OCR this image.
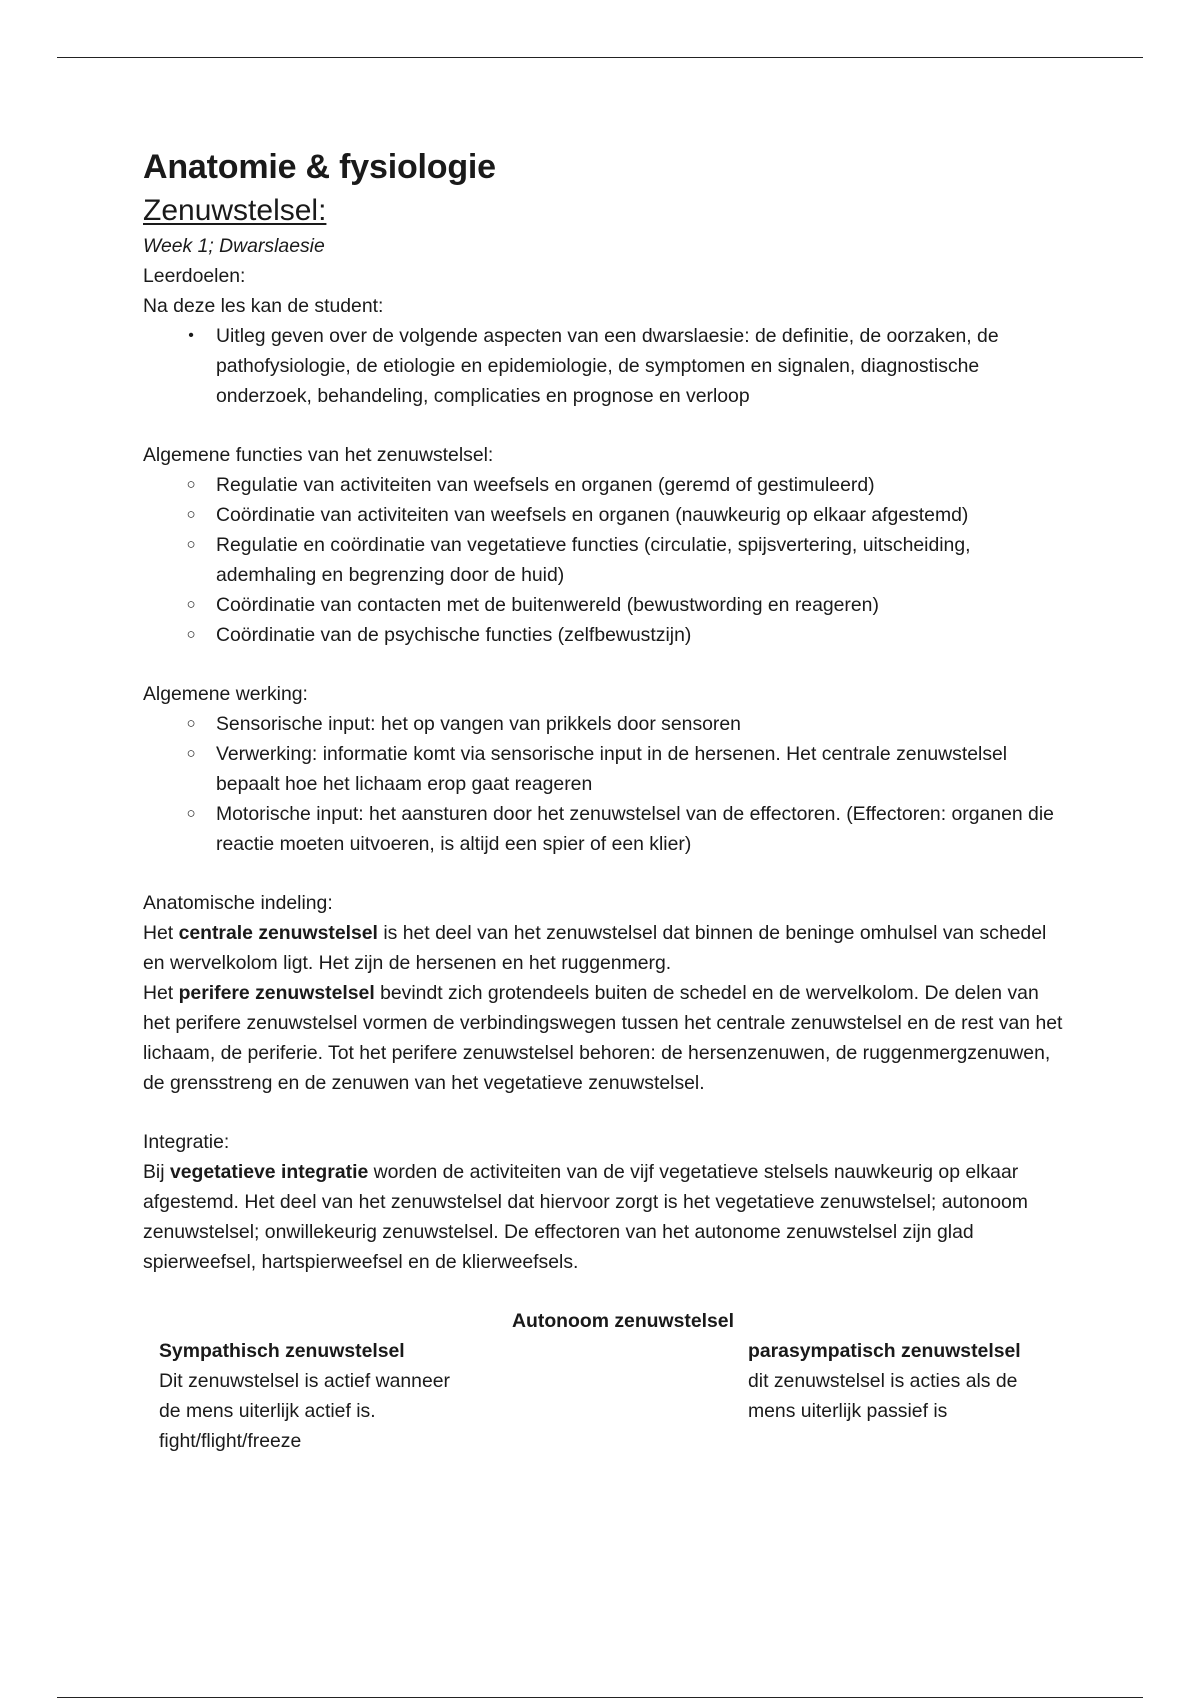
Anatomie & fysiologie

Zenuwstelsel:

Week 1; Dwarslaesie

Leerdoelen:

Na deze les kan de student:

•	Uitleg geven over de volgende aspecten van een dwarslaesie: de definitie, de oorzaken, de pathofysiologie, de etiologie en epidemiologie, de symptomen en signalen, diagnostische onderzoek, behandeling, complicaties en prognose en verloop

Algemene functies van het zenuwstelsel:

○ Regulatie van activiteiten van weefsels en organen (geremd of gestimuleerd)
○ Coördinatie van activiteiten van weefsels en organen (nauwkeurig op elkaar afgestemd)
○ Regulatie en coördinatie van vegetatieve functies (circulatie, spijsvertering, uitscheiding, ademhaling en begrenzing door de huid)
○ Coördinatie van contacten met de buitenwereld (bewustwording en reageren)
○ Coördinatie van de psychische functies (zelfbewustzijn)

Algemene werking:

○ Sensorische input: het op vangen van prikkels door sensoren
○ Verwerking: informatie komt via sensorische input in de hersenen. Het centrale zenuwstelsel bepaalt hoe het lichaam erop gaat reageren
○ Motorische input: het aansturen door het zenuwstelsel van de effectoren. (Effectoren: organen die reactie moeten uitvoeren, is altijd een spier of een klier)

Anatomische indeling:

Het centrale zenuwstelsel is het deel van het zenuwstelsel dat binnen de beninge omhulsel van schedel en wervelkolom ligt. Het zijn de hersenen en het ruggenmerg.

Het perifere zenuwstelsel bevindt zich grotendeels buiten de schedel en de wervelkolom. De delen van het perifere zenuwstelsel vormen de verbindingswegen tussen het centrale zenuwstelsel en de rest van het lichaam, de periferie. Tot het perifere zenuwstelsel behoren: de hersenzenuwen, de ruggenmergzenuwen, de grensstreng en de zenuwen van het vegetatieve zenuwstelsel.

Integratie:

Bij vegetatieve integratie worden de activiteiten van de vijf vegetatieve stelsels nauwkeurig op elkaar afgestemd. Het deel van het zenuwstelsel dat hiervoor zorgt is het vegetatieve zenuwstelsel; autonoom zenuwstelsel; onwillekeurig zenuwstelsel. De effectoren van het autonome zenuwstelsel zijn glad spierweefsel, hartspierweefsel en de klierweefsels.

Autonoom zenuwstelsel

Sympathisch zenuwstelsel

Dit zenuwstelsel is actief wanneer

de mens uiterlijk actief is.

fight/flight/freeze

parasympatisch zenuwstelsel

dit zenuwstelsel is acties als de

mens uiterlijk passief is
